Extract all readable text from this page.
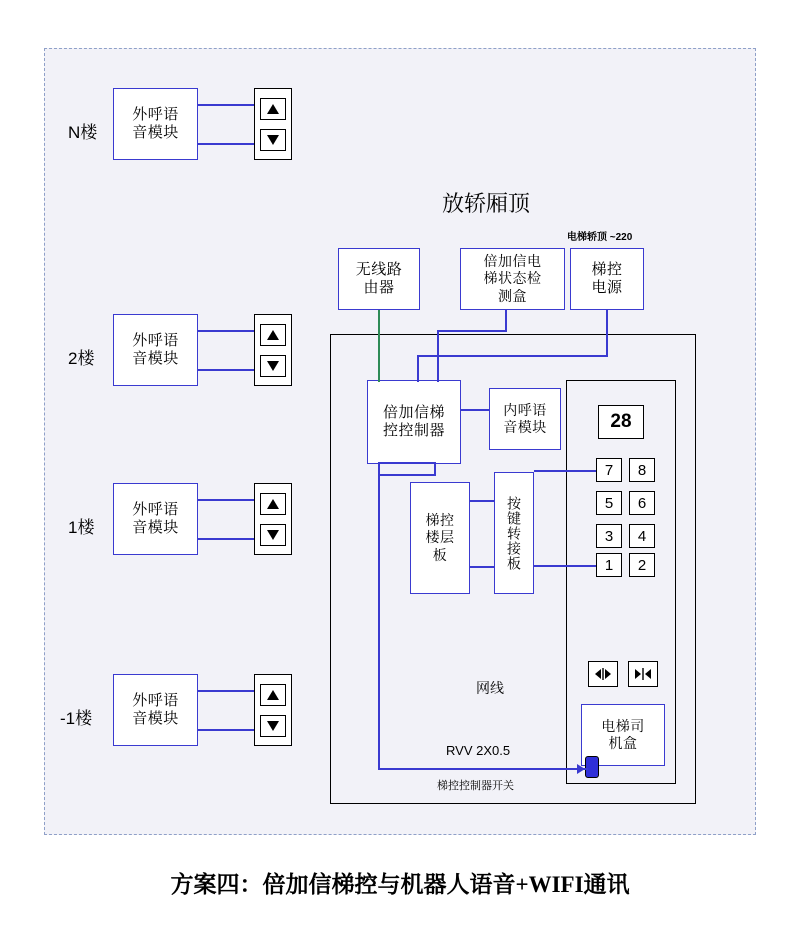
N楼
外呼语
音模块
2楼
外呼语
音模块
1楼
外呼语
音模块
-1楼
外呼语
音模块
放轿厢顶
电梯轿顶 ~220
无线路
由器
倍加信电
梯状态检
测盒
梯控
电源
倍加信梯
控控制器
内呼语
音模块
梯控
楼层
板	按键转接板
28
7	8
5	6
3	4
1	2
电梯司
机盒
网线
RVV 2X0.5
梯控控制器开关
方案四：倍加信梯控与机器人语音+WIFI通讯
